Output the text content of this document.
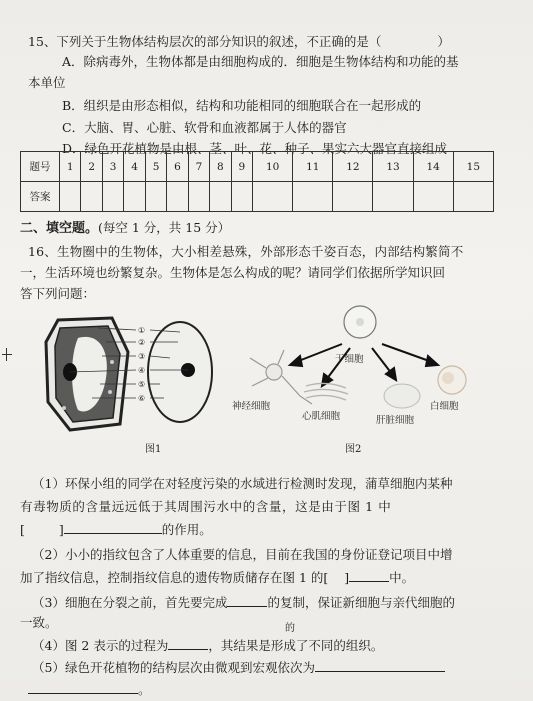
15、下列关于生物体结构层次的部分知识的叙述，不正确的是（	）
A．除病毒外，生物体都是由细胞构成的．细胞是生物体结构和功能的基
本单位
B．组织是由形态相似，结构和功能相同的细胞联合在一起形成的
C．大脑、胃、心脏、软骨和血液都属于人体的器官
D．绿色开花植物是由根、茎、叶、花、种子、果实六大器官直接组成
题号	1	2	3	4	5	6	7	8	9	10	11	12	13	14	15
答案															
二、填空题。(每空 1 分，共 15 分）
16、生物圈中的生物体，大小相差悬殊，外部形态千姿百态，内部结构繁简不
一，生活环境也纷繁复杂。生物体是怎么构成的呢？请同学们依据所学知识回
答下列问题：
①
②
③
④
⑤
⑥
图1
干细胞
神经细胞
心肌细胞	肝脏细胞
白细胞
图2
（1）环保小组的同学在对轻度污染的水域进行检测时发现，蒲草细胞内某种
有毒物质的含量远远低于其周围污水中的含量，这是由于图 1 中
[	]	的作用。
（2）小小的指纹包含了人体重要的信息，目前在我国的身份证登记项目中增
加了指纹信息，控制指纹信息的遗传物质储存在图 1 的[ ]	中。
（3）细胞在分裂之前，首先要完成	的复制，保证新细胞与亲代细胞的
一致。	的
（4）图 2 表示的过程为	，其结果是形成了不同的组织。
（5）绿色开花植物的结构层次由微观到宏观依次为
。
